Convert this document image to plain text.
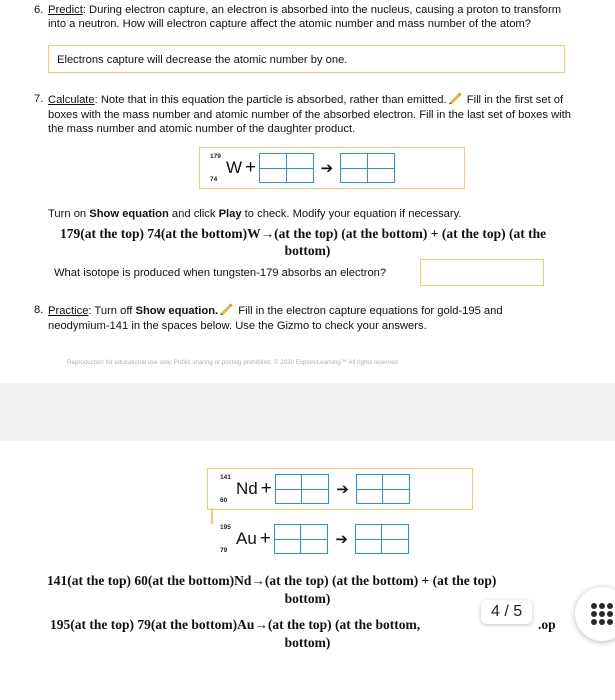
6. Predict: During electron capture, an electron is absorbed into the nucleus, causing a proton to transform
into a neutron. How will electron capture affect the atomic number and mass number of the atom?
Electrons capture will decrease the atomic number by one.
7. Calculate: Note that in this equation the particle is absorbed, rather than emitted. Fill in the first set of
boxes with the mass number and atomic number of the absorbed electron. Fill in the last set of boxes with
the mass number and atomic number of the daughter product.
179
74
W +	➔
Turn on Show equation and click Play to check. Modify your equation if necessary.
179(at the top) 74(at the bottom)W→(at the top) (at the bottom) + (at the top) (at the
bottom)
What isotope is produced when tungsten-179 absorbs an electron?
8. Practice: Turn off Show equation. Fill in the electron capture equations for gold-195 and
neodymium-141 in the spaces below. Use the Gizmo to check your answers.
Reproduction for educational use only. Public sharing or posting prohibited. © 2020 ExploreLearning™ All rights reserved
141
60
Nd +	➔
195
79
Au +	➔
141(at the top) 60(at the bottom)Nd→(at the top) (at the bottom) + (at the top)
bottom)
195(at the top) 79(at the bottom)Au→(at the top) (at the bottom,	.op
bottom)
4 / 5
